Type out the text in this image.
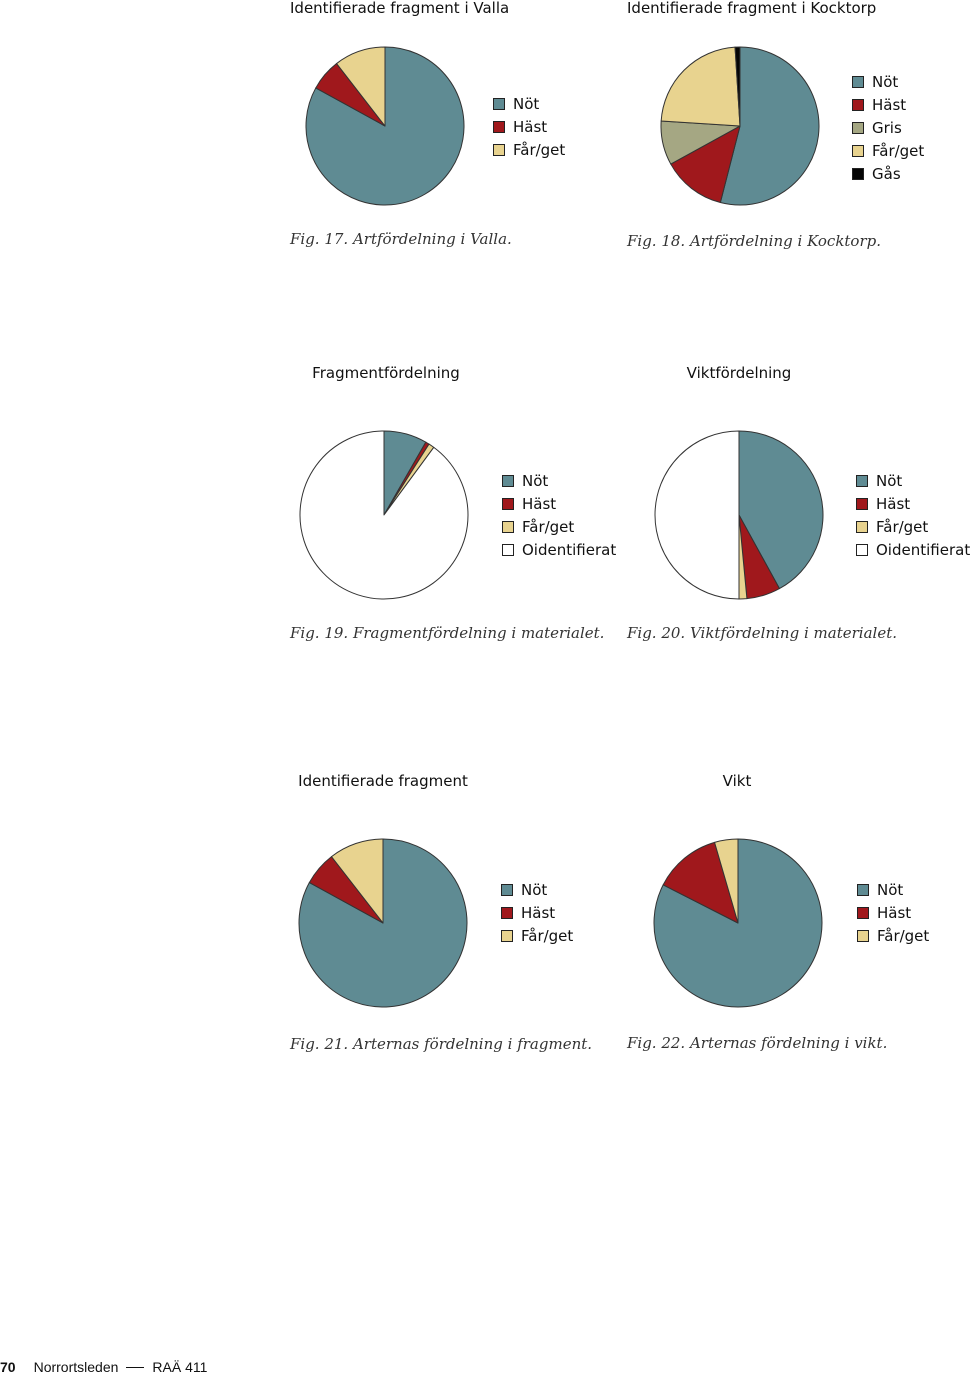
Identifierade fragment i Valla
Nöt
Häst
Får/get
Fig. 17. Artfördelning i Valla.
Identifierade fragment i Kocktorp
Nöt
Häst
Gris
Får/get
Gås
Fig. 18. Artfördelning i Kocktorp.
Fragmentfördelning
Nöt
Häst
Får/get
Oidentifierat
Fig. 19. Fragmentfördelning i materialet.
Viktfördelning
Nöt
Häst
Får/get
Oidentifierat
Fig. 20. Viktfördelning i materialet.
Identifierade fragment
Nöt
Häst
Får/get
Fig. 21. Arternas fördelning i fragment.
Vikt
Nöt
Häst
Får/get
Fig. 22. Arternas fördelning i vikt.
70 Norrortsleden RAÄ 411
